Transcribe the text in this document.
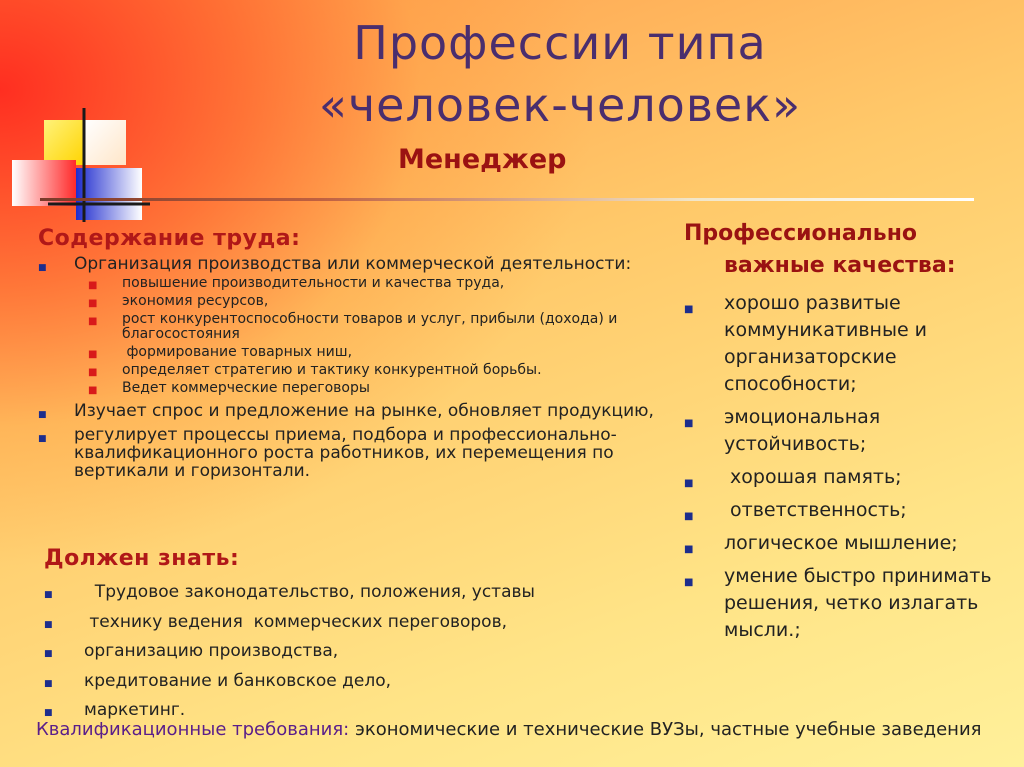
Профессии типа
«человек-человек»
Менеджер
Содержание труда:
■ Организация производства или коммерческой деятельности:
■ повышение производительности и качества труда,
■ экономия ресурсов,
■ рост конкурентоспособности товаров и услуг, прибыли (дохода) и благосостояния
■ формирование товарных ниш,
■ определяет стратегию и тактику конкурентной борьбы.
■ Ведет коммерческие переговоры
■ Изучает спрос и предложение на рынке, обновляет продукцию,
■ регулирует процессы приема, подбора и профессионально-квалификационного роста работников, их перемещения по вертикали и горизонтали.
Должен знать:
■ Трудовое законодательство, положения, уставы
■ технику ведения  коммерческих переговоров,
■ организацию производства,
■ кредитование и банковское дело,
■ маркетинг.
Квалификационные требования: экономические и технические ВУЗы, частные учебные заведения
Профессионально
важные качества:
■ хорошо развитые коммуникативные и организаторские способности;
■ эмоциональная устойчивость;
■ хорошая память;
■ ответственность;
■ логическое мышление;
■ умение быстро принимать решения, четко излагать мысли.;
